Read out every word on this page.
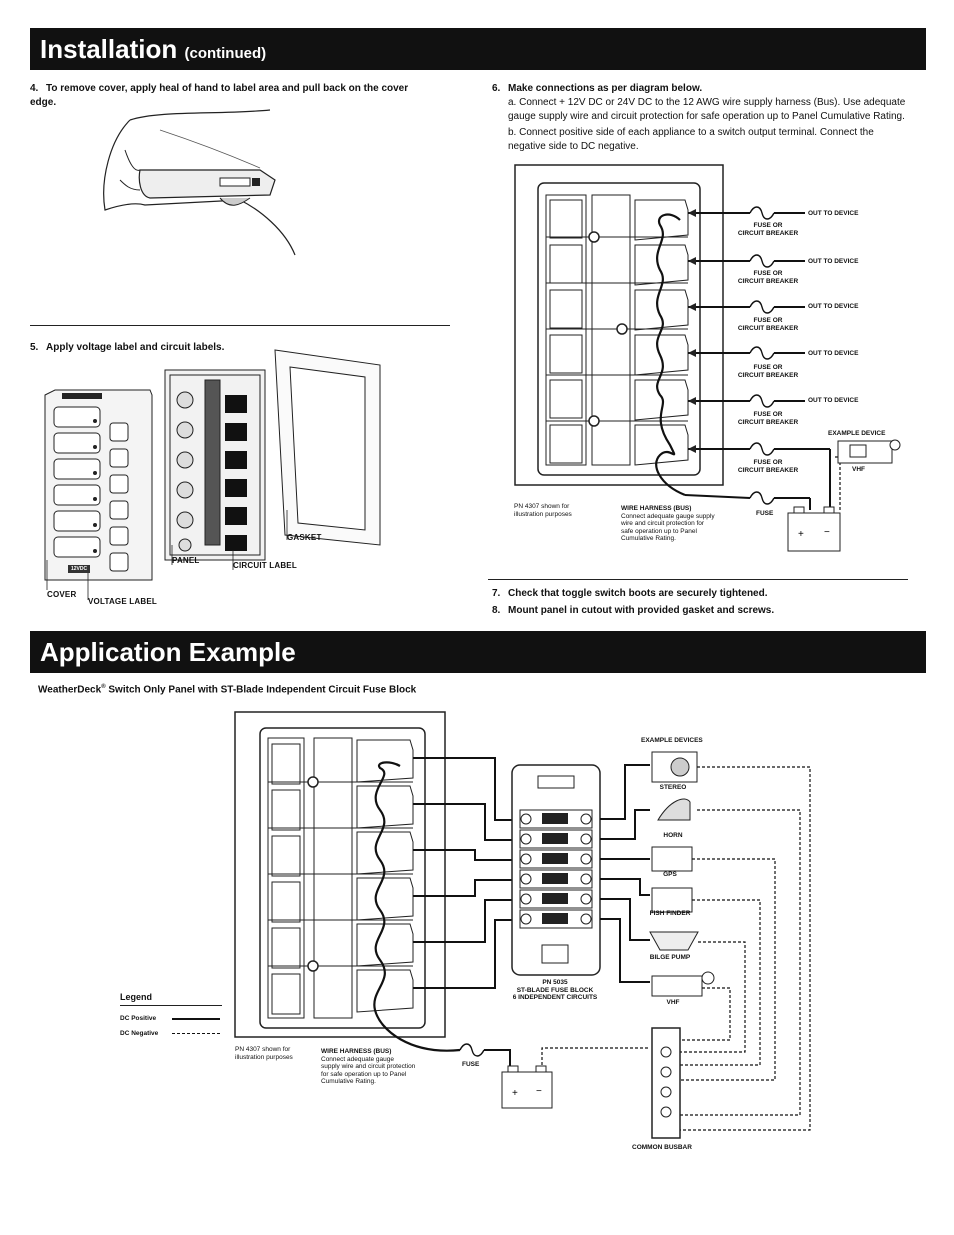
Installation (continued)
4. To remove cover, apply heal of hand to label area and pull back on the cover edge.
5. Apply voltage label and circuit labels.
PANEL
CIRCUIT LABEL
GASKET
COVER
VOLTAGE LABEL
12VDC
6. Make connections as per diagram below.
a. Connect + 12V DC or 24V DC to the 12 AWG wire supply harness (Bus). Use adequate gauge supply wire and circuit protection for safe operation up to Panel Cumulative Rating.
b. Connect positive side of each appliance to a switch output terminal. Connect the negative side to DC negative.
+ −
OUT TO DEVICE
OUT TO DEVICE
OUT TO DEVICE
OUT TO DEVICE
OUT TO DEVICE
FUSE OR
CIRCUIT BREAKER
FUSE OR
CIRCUIT BREAKER
FUSE OR
CIRCUIT BREAKER
FUSE OR
CIRCUIT BREAKER
FUSE OR
CIRCUIT BREAKER
FUSE OR
CIRCUIT BREAKER
EXAMPLE DEVICE
VHF
FUSE
PN 4307 shown for
illustration purposes
WIRE HARNESS (BUS)
Connect adequate gauge supply
wire and circuit protection for
safe operation up to Panel
Cumulative Rating.
7. Check that toggle switch boots are securely tightened.
8. Mount panel in cutout with provided gasket and screws.
Application Example
WeatherDeck® Switch Only Panel with ST-Blade Independent Circuit Fuse Block
+ −
EXAMPLE DEVICES
STEREO
HORN
GPS
FISH FINDER
BILGE PUMP
VHF
PN 5035
ST-BLADE FUSE BLOCK
6 INDEPENDENT CIRCUITS
Legend
DC Positive
DC Negative
PN 4307 shown for
illustration purposes
WIRE HARNESS (BUS)
Connect adequate gauge
supply wire and circuit protection
for safe operation up to Panel
Cumulative Rating.
FUSE
COMMON BUSBAR
